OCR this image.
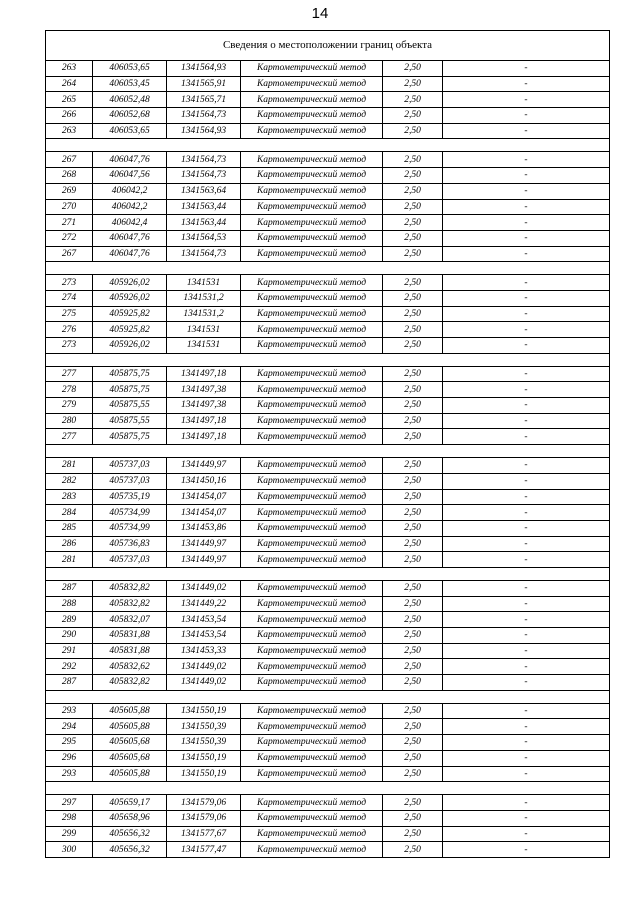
14
Сведения о местоположении границ объекта					
263	406053,65	1341564,93	Картометрический метод	2,50	-
264	406053,45	1341565,91	Картометрический метод	2,50	-
265	406052,48	1341565,71	Картометрический метод	2,50	-
266	406052,68	1341564,73	Картометрический метод	2,50	-
263	406053,65	1341564,93	Картометрический метод	2,50	-

267	406047,76	1341564,73	Картометрический метод	2,50	-
268	406047,56	1341564,73	Картометрический метод	2,50	-
269	406042,2	1341563,64	Картометрический метод	2,50	-
270	406042,2	1341563,44	Картометрический метод	2,50	-
271	406042,4	1341563,44	Картометрический метод	2,50	-
272	406047,76	1341564,53	Картометрический метод	2,50	-
267	406047,76	1341564,73	Картометрический метод	2,50	-

273	405926,02	1341531	Картометрический метод	2,50	-
274	405926,02	1341531,2	Картометрический метод	2,50	-
275	405925,82	1341531,2	Картометрический метод	2,50	-
276	405925,82	1341531	Картометрический метод	2,50	-
273	405926,02	1341531	Картометрический метод	2,50	-

277	405875,75	1341497,18	Картометрический метод	2,50	-
278	405875,75	1341497,38	Картометрический метод	2,50	-
279	405875,55	1341497,38	Картометрический метод	2,50	-
280	405875,55	1341497,18	Картометрический метод	2,50	-
277	405875,75	1341497,18	Картометрический метод	2,50	-

281	405737,03	1341449,97	Картометрический метод	2,50	-
282	405737,03	1341450,16	Картометрический метод	2,50	-
283	405735,19	1341454,07	Картометрический метод	2,50	-
284	405734,99	1341454,07	Картометрический метод	2,50	-
285	405734,99	1341453,86	Картометрический метод	2,50	-
286	405736,83	1341449,97	Картометрический метод	2,50	-
281	405737,03	1341449,97	Картометрический метод	2,50	-

287	405832,82	1341449,02	Картометрический метод	2,50	-
288	405832,82	1341449,22	Картометрический метод	2,50	-
289	405832,07	1341453,54	Картометрический метод	2,50	-
290	405831,88	1341453,54	Картометрический метод	2,50	-
291	405831,88	1341453,33	Картометрический метод	2,50	-
292	405832,62	1341449,02	Картометрический метод	2,50	-
287	405832,82	1341449,02	Картометрический метод	2,50	-

293	405605,88	1341550,19	Картометрический метод	2,50	-
294	405605,88	1341550,39	Картометрический метод	2,50	-
295	405605,68	1341550,39	Картометрический метод	2,50	-
296	405605,68	1341550,19	Картометрический метод	2,50	-
293	405605,88	1341550,19	Картометрический метод	2,50	-

297	405659,17	1341579,06	Картометрический метод	2,50	-
298	405658,96	1341579,06	Картометрический метод	2,50	-
299	405656,32	1341577,67	Картометрический метод	2,50	-
300	405656,32	1341577,47	Картометрический метод	2,50	-
